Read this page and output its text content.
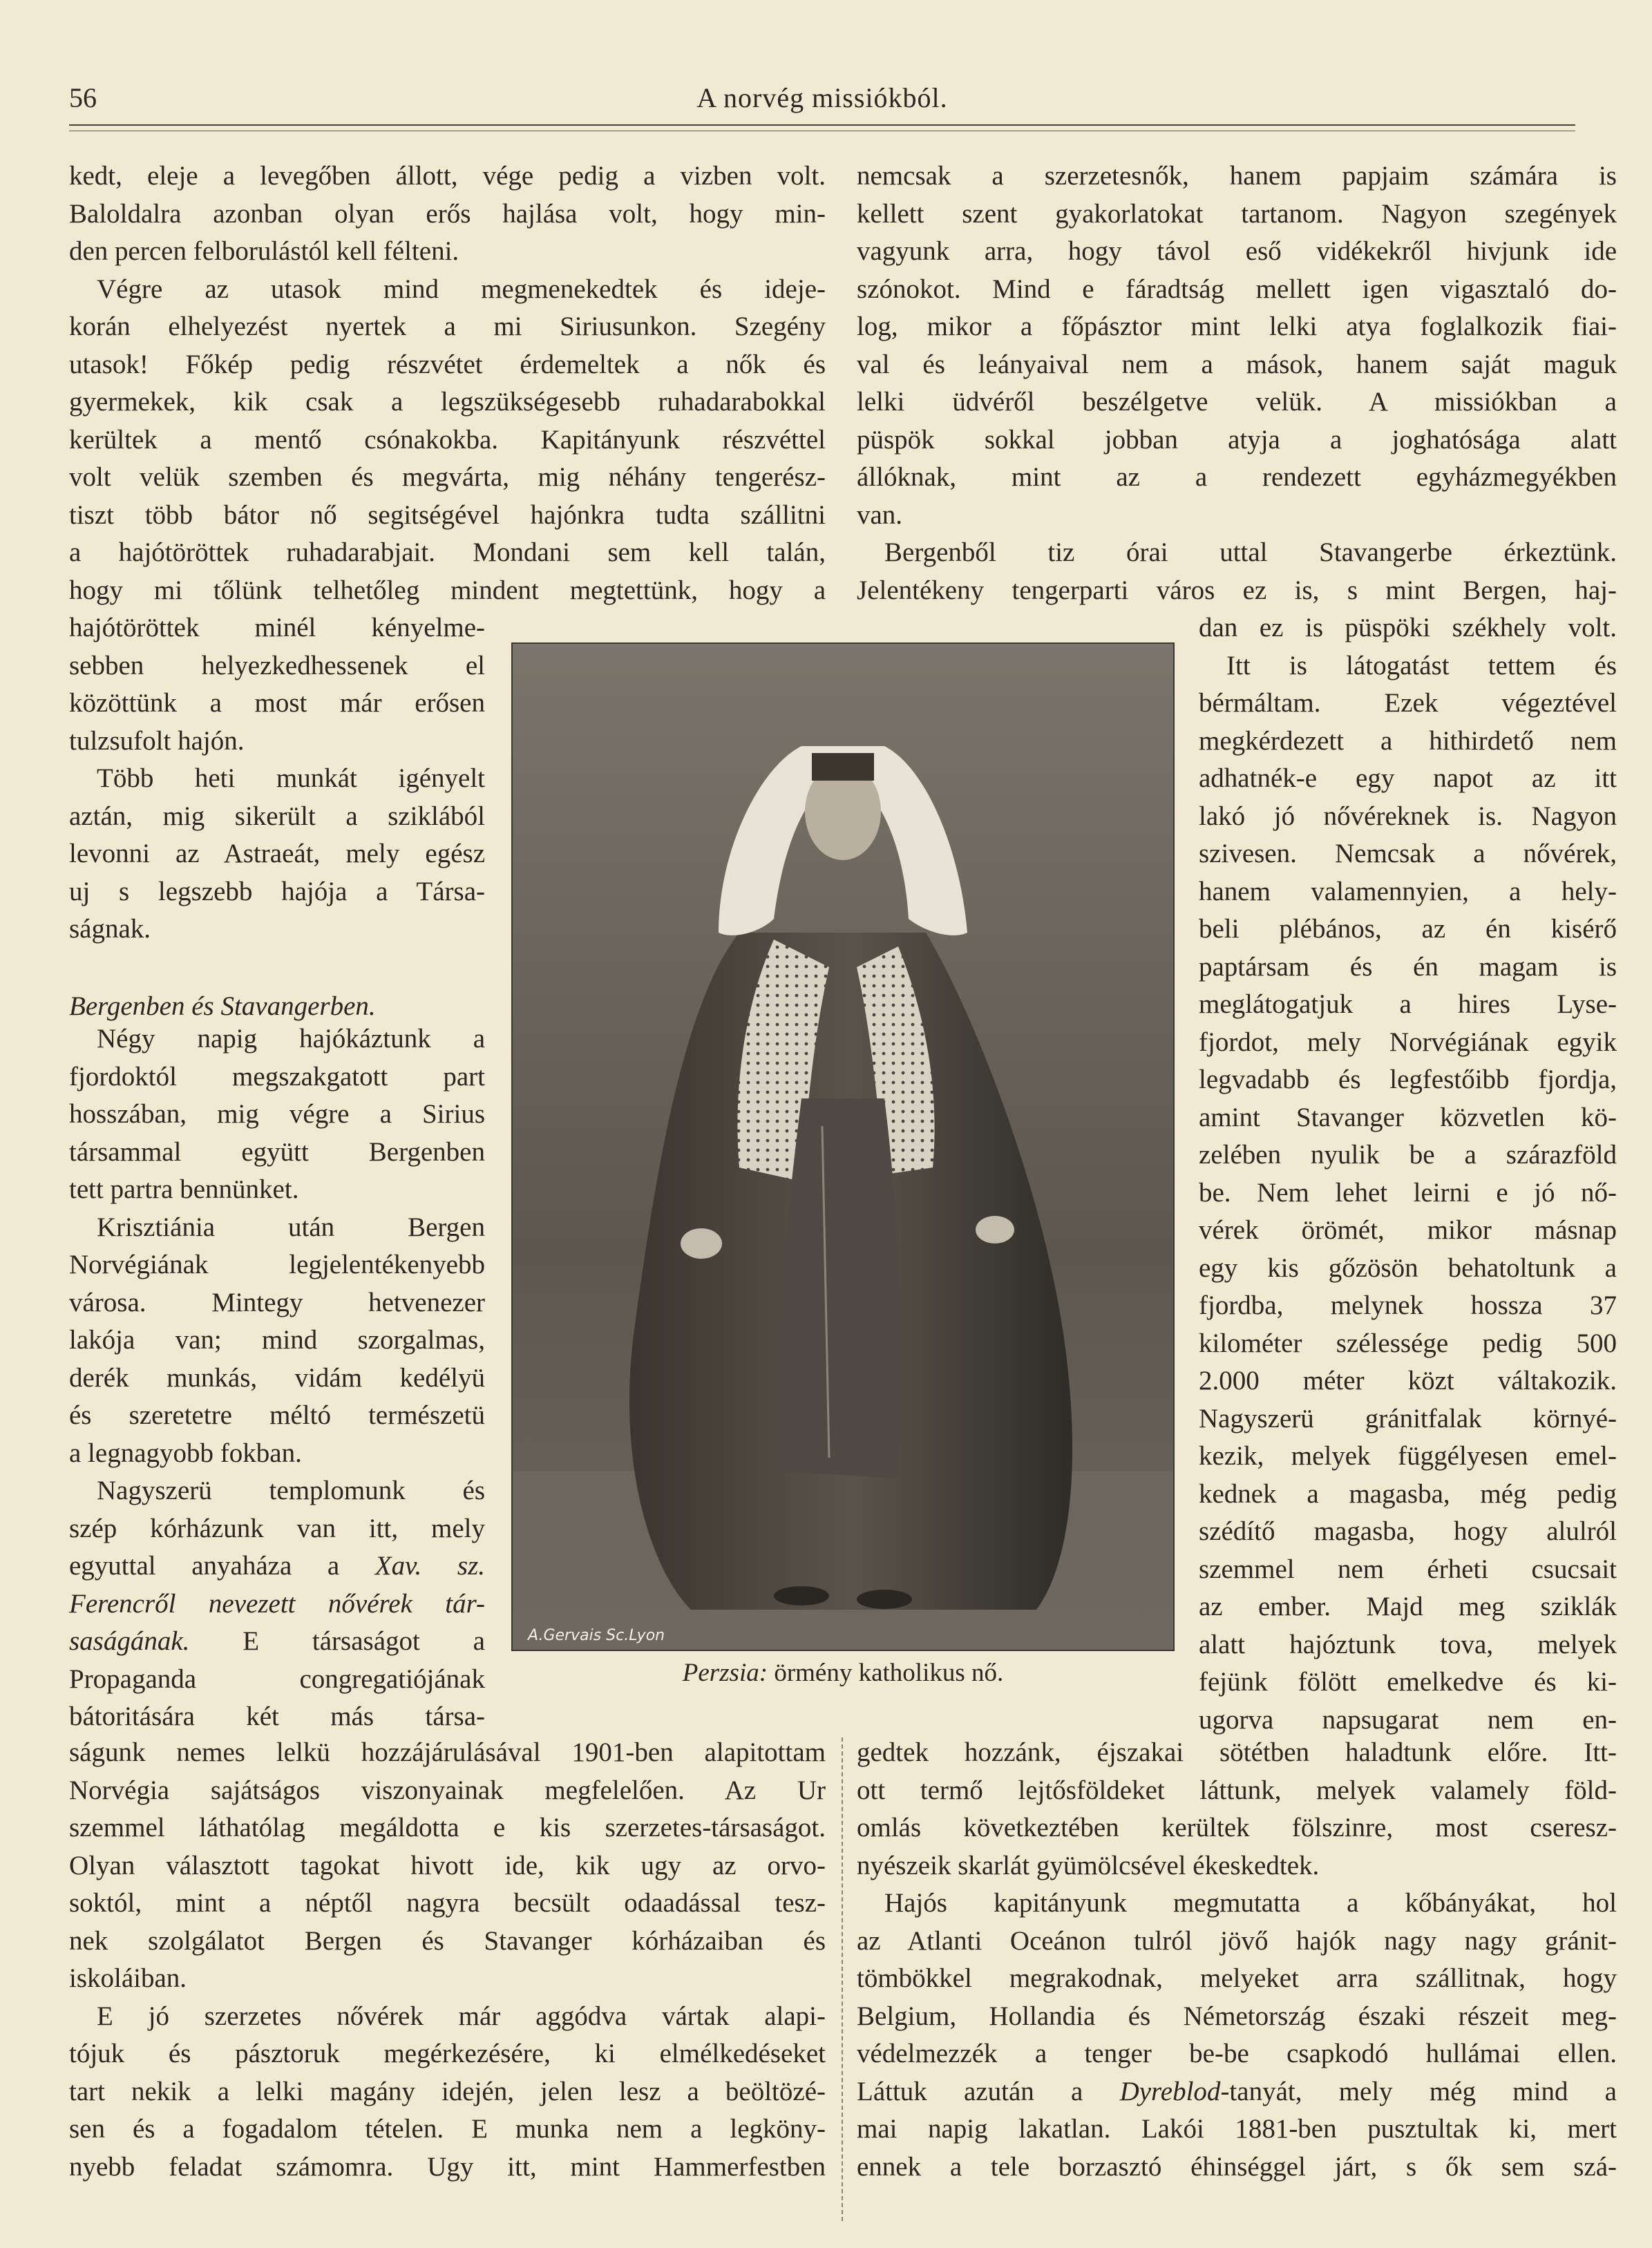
56	A norvég missiókból.
kedt, eleje a levegőben állott, vége pedig a vizben volt.
Baloldalra azonban olyan erős hajlása volt, hogy min-
den percen felborulástól kell félteni.
Végre az utasok mind megmenekedtek és ideje-
korán elhelyezést nyertek a mi Siriusunkon. Szegény
utasok! Főkép pedig részvétet érdemeltek a nők és
gyermekek, kik csak a legszükségesebb ruhadarabokkal
kerültek a mentő csónakokba. Kapitányunk részvéttel
volt velük szemben és megvárta, mig néhány tengerész-
tiszt több bátor nő segitségével hajónkra tudta szállitni
a hajótöröttek ruhadarabjait. Mondani sem kell talán,
hogy mi tőlünk telhetőleg mindent megtettünk, hogy a
hajótöröttek minél kényelme-
sebben helyezkedhessenek el
közöttünk a most már erősen
tulzsufolt hajón.
Több heti munkát igényelt
aztán, mig sikerült a sziklából
levonni az Astraeát, mely egész
uj s legszebb hajója a Társa-
ságnak.

Bergenben és Stavangerben.

Négy napig hajókáztunk a
fjordoktól megszakgatott part
hosszában, mig végre a Sirius
társammal együtt Bergenben
tett partra bennünket.
Krisztiánia után Bergen
Norvégiának legjelentékenyebb
városa. Mintegy hetvenezer
lakója van; mind szorgalmas,
derék munkás, vidám kedélyü
és szeretetre méltó természetü
a legnagyobb fokban.
Nagyszerü templomunk és
szép kórházunk van itt, mely
egyuttal anyaháza a Xav. sz.
Ferencről nevezett nővérek tár-
saságának. E társaságot a
Propaganda congregatiójának
bátoritására két más társa-
ságunk nemes lelkü hozzájárulásával 1901-ben alapitottam
Norvégia sajátságos viszonyainak megfelelően. Az Ur
szemmel láthatólag megáldotta e kis szerzetes-társaságot.
Olyan választott tagokat hivott ide, kik ugy az orvo-
soktól, mint a néptől nagyra becsült odaadással tesz-
nek szolgálatot Bergen és Stavanger kórházaiban és
iskoláiban.
E jó szerzetes nővérek már aggódva vártak alapi-
tójuk és pásztoruk megérkezésére, ki elmélkedéseket
tart nekik a lelki magány idején, jelen lesz a beöltözé-
sen és a fogadalom tételen. E munka nem a legköny-
nyebb feladat számomra. Ugy itt, mint Hammerfestben
nemcsak a szerzetesnők, hanem papjaim számára is
kellett szent gyakorlatokat tartanom. Nagyon szegények
vagyunk arra, hogy távol eső vidékekről hivjunk ide
szónokot. Mind e fáradtság mellett igen vigasztaló do-
log, mikor a főpásztor mint lelki atya foglalkozik fiai-
val és leányaival nem a mások, hanem saját maguk
lelki üdvéről beszélgetve velük. A missiókban a
püspök sokkal jobban atyja a joghatósága alatt
állóknak, mint az a rendezett egyházmegyékben
van.
Bergenből tiz órai uttal Stavangerbe érkeztünk.
Jelentékeny tengerparti város ez is, s mint Bergen, haj-
dan ez is püspöki székhely volt.
Itt is látogatást tettem és
bérmáltam. Ezek végeztével
megkérdezett a hithirdető nem
adhatnék-e egy napot az itt
lakó jó nővéreknek is. Nagyon
szivesen. Nemcsak a nővérek,
hanem valamennyien, a hely-
beli plébános, az én kisérő
paptársam és én magam is
meglátogatjuk a hires Lyse-
fjordot, mely Norvégiának egyik
legvadabb és legfestőibb fjordja,
amint Stavanger közvetlen kö-
zelében nyulik be a szárazföld
be. Nem lehet leirni e jó nő-
vérek örömét, mikor másnap
egy kis gőzösön behatoltunk a
fjordba, melynek hossza 37
kilométer szélessége pedig 500
2.000 méter közt váltakozik.
Nagyszerü gránitfalak környé-
kezik, melyek függélyesen emel-
kednek a magasba, még pedig
szédítő magasba, hogy alulról
szemmel nem érheti csucsait
az ember. Majd meg sziklák
alatt hajóztunk tova, melyek
fejünk fölött emelkedve és ki-
ugorva napsugarat nem en-
gedtek hozzánk, éjszakai sötétben haladtunk előre. Itt-
ott termő lejtősföldeket láttunk, melyek valamely föld-
omlás következtében kerültek fölszinre, most cseresz-
nyészeik skarlát gyümölcsével ékeskedtek.
Hajós kapitányunk megmutatta a kőbányákat, hol
az Atlanti Oceánon tulról jövő hajók nagy nagy gránit-
tömbökkel megrakodnak, melyeket arra szállitnak, hogy
Belgium, Hollandia és Németország északi részeit meg-
védelmezzék a tenger be-be csapkodó hullámai ellen.
Láttuk azután a Dyreblod-tanyát, mely még mind a
mai napig lakatlan. Lakói 1881-ben pusztultak ki, mert
ennek a tele borzasztó éhinséggel járt, s ők sem szá-
A.Gervais Sc.Lyon
Perzsia: örmény katholikus nő.
